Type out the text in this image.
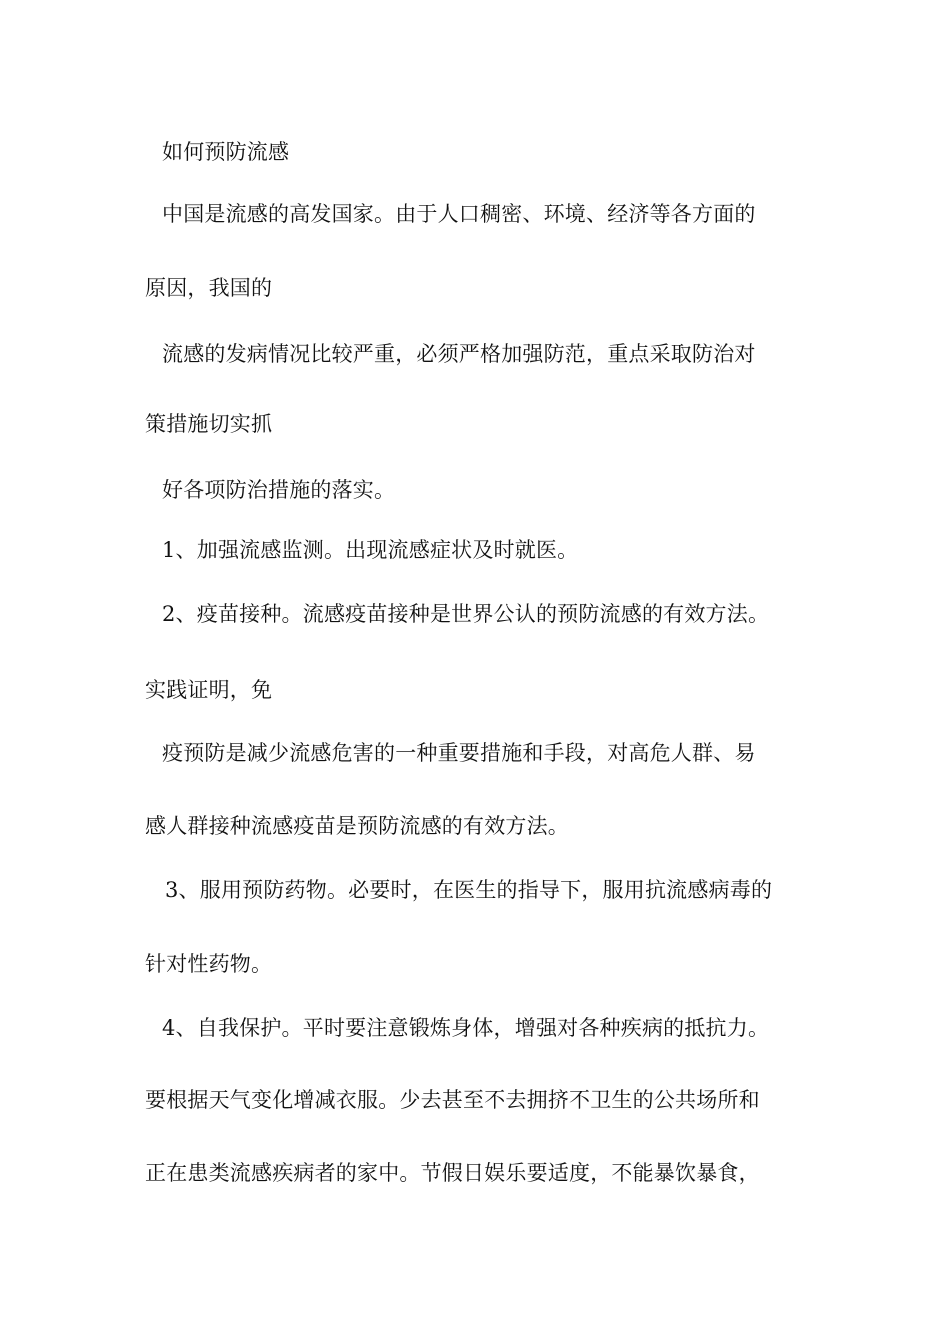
如何预防流感
中国是流感的高发国家。由于人口稠密、环境、经济等各方面的
原因，我国的
流感的发病情况比较严重，必须严格加强防范，重点采取防治对
策措施切实抓
好各项防治措施的落实。
1、加强流感监测。出现流感症状及时就医。
2、疫苗接种。流感疫苗接种是世界公认的预防流感的有效方法。
实践证明，免
疫预防是减少流感危害的一种重要措施和手段，对高危人群、易
感人群接种流感疫苗是预防流感的有效方法。
3、服用预防药物。必要时，在医生的指导下，服用抗流感病毒的
针对性药物。
4、自我保护。平时要注意锻炼身体，增强对各种疾病的抵抗力。
要根据天气变化增减衣服。少去甚至不去拥挤不卫生的公共场所和
正在患类流感疾病者的家中。节假日娱乐要适度，不能暴饮暴食，
